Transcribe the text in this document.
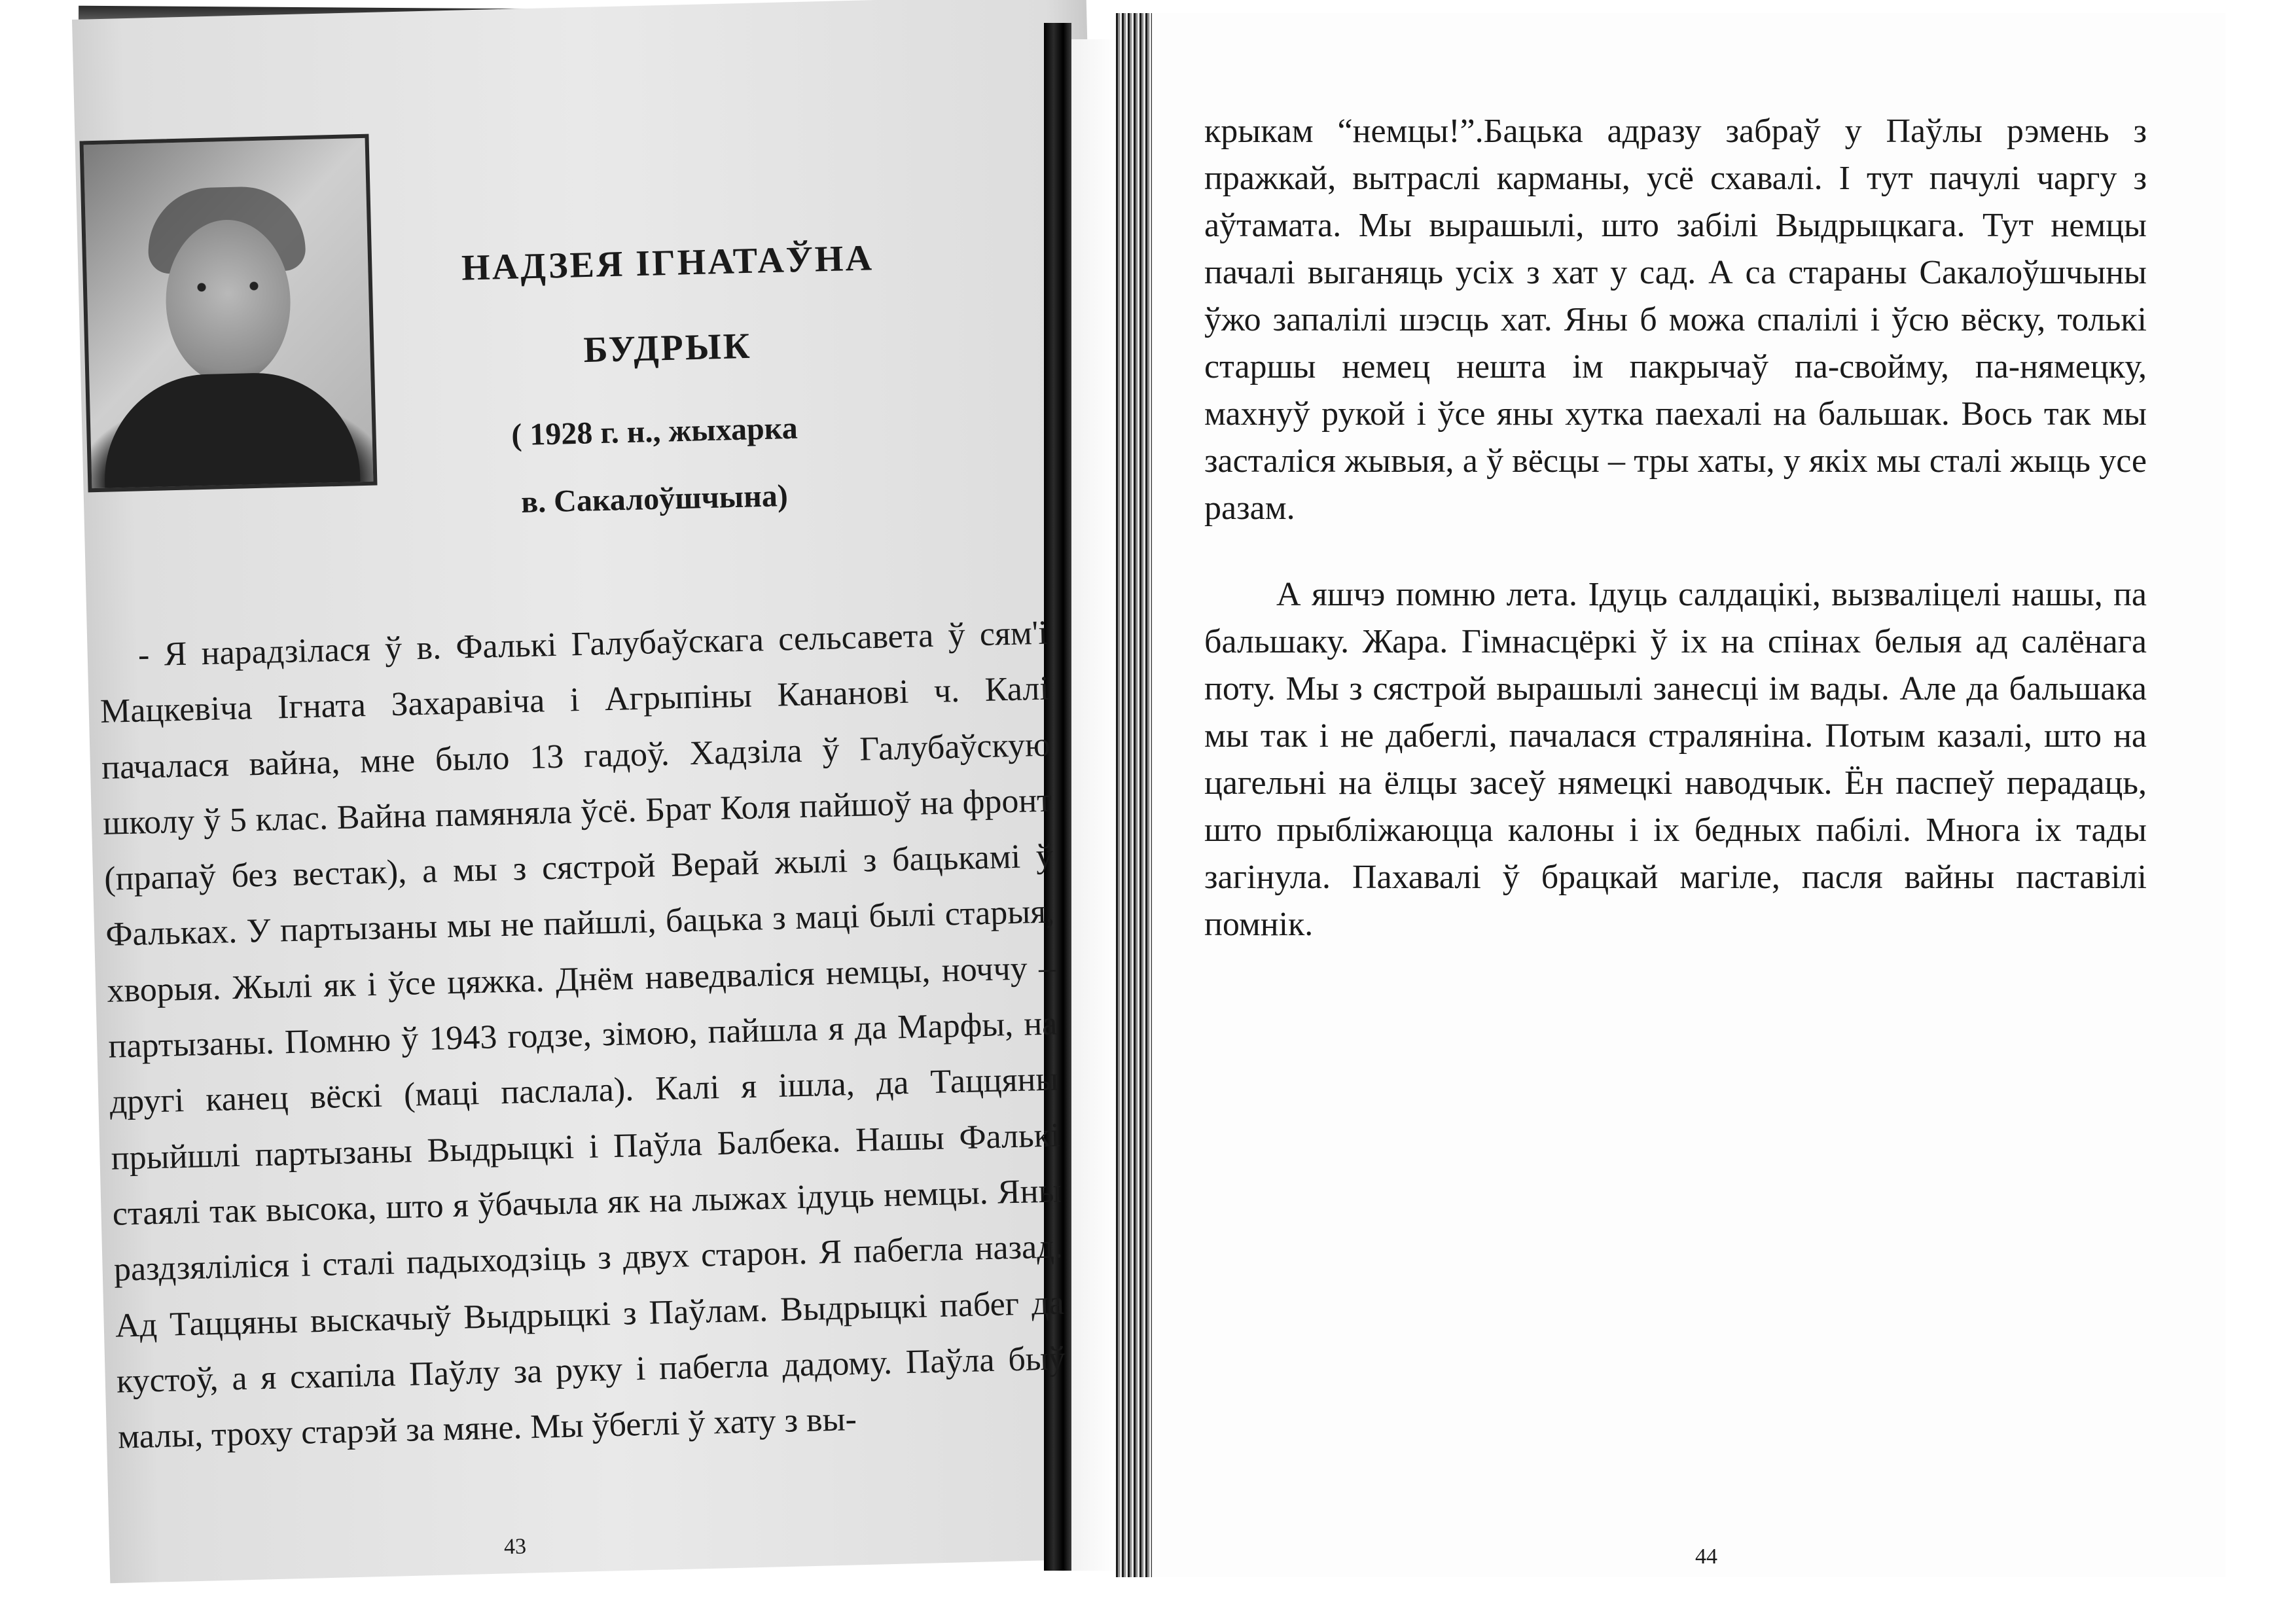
НАДЗЕЯ ІГНАТАЎНА
БУДРЫК

( 1928 г. н., жыхарка

в. Сакалоўшчына)

- Я нарадзілася ў в. Фалькі Галубаўскага сельсавета ў сям'і Мацкевіча Ігната Захаравіча і Агрыпіны Кананові ч. Калі пачалася вайна, мне было 13 гадоў. Хадзіла ў Галубаўскую школу ў 5 клас. Вайна памяняла ўсё. Брат Коля пайшоў на фронт (прапаў без вестак), а мы з сястрой Верай жылі з бацькамі ў Фальках. У партызаны мы не пайшлі, бацька з маці былі старыя, хворыя. Жылі як і ўсе цяжка. Днём наведваліся немцы, ноччу – партызаны. Помню ў 1943 годзе, зімою, пайшла я да Марфы, на другі канец вёскі (маці паслала). Калі я ішла, да Таццяны прыйшлі партызаны Выдрыцкі і Паўла Балбека. Нашы Фалькі стаялі так высока, што я ўбачыла як на лыжах ідуць немцы. Яны раздзяліліся і сталі падыходзіць з двух старон. Я пабегла назад. Ад Таццяны выскачыў Выдрыцкі з Паўлам. Выдрыцкі пабег да кустоў, а я схапіла Паўлу за руку і пабегла дадому. Паўла быў малы, троху старэй за мяне. Мы ўбеглі ў хату з вы-

43

крыкам “немцы!”.Бацька адразу забраў у Паўлы рэмень з пражкай, вытраслі карманы, усё схавалі. І тут пачулі чаргу з аўтамата. Мы вырашылі, што забілі Выдрыцкага. Тут немцы пачалі выганяць усіх з хат у сад. А са стараны Сакалоўшчыны ўжо запалілі шэсць хат. Яны б можа спалілі і ўсю вёску, толькі старшы немец нешта ім пакрычаў па-свойму, па-нямецку, махнуў рукой і ўсе яны хутка паехалі на бальшак. Вось так мы засталіся жывыя, а ў вёсцы – тры хаты, у якіх мы сталі жыць усе разам.

А яшчэ помню лета. Ідуць салдацікі, вызваліцелі нашы, па бальшаку. Жара. Гімнасцёркі ў іх на спінах белыя ад салёнага поту. Мы з сястрой вырашылі занесці ім вады. Але да бальшака мы так і не дабеглі, пачалася страляніна. Потым казалі, што на цагельні на ёлцы засеў нямецкі наводчык. Ён паспеў перадаць, што прыбліжаюцца калоны і іх бедных пабілі. Многа іх тады загінула. Пахавалі ў брацкай магіле, пасля вайны паставілі помнік.

44
